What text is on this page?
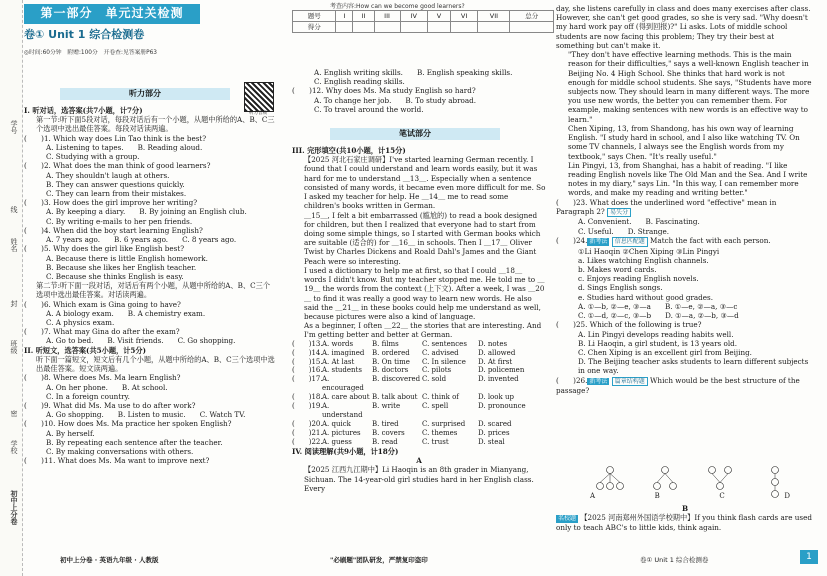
学号
线
姓名
封
班级
密
学校
初中上分卷
第一部分　单元过关检测
卷① Unit 1 综合检测卷
◎时间:60分钟　附赠:100分　开卷查:见答案册P63
听力音频
考查内容:How can we become good learners?
题号	I	II	III	IV	V	VI	VII	总分
得分								
听力部分

I. 听对话，选答案(共7小题，计7分)

第一节:听下面5段对话，每段对话后有一个小题，从题中所给的A、B、C三个选项中选出最佳答案。每段对话读两遍。

(　　)1. Which way does Lin Tao think is the best?

A. Listening to tapes. B. Reading aloud.

C. Studying with a group.

(　　)2. What does the man think of good learners?

A. They shouldn't laugh at others.

B. They can answer questions quickly.

C. They can learn from their mistakes.

(　　)3. How does the girl improve her writing?

A. By keeping a diary. B. By joining an English club.

C. By writing e-mails to her pen friends.

(　　)4. When did the boy start learning English?

A. 7 years ago. B. 6 years ago. C. 8 years ago.

(　　)5. Why does the girl like English best?

A. Because there is little English homework.

B. Because she likes her English teacher.

C. Because she thinks English is easy.

第二节:听下面一段对话，对话后有两个小题，从题中所给的A、B、C三个选项中选出最佳答案。对话读两遍。

(　　)6. Which exam is Gina going to have?

A. A biology exam. B. A chemistry exam.

C. A physics exam.

(　　)7. What may Gina do after the exam?

A. Go to bed. B. Visit friends. C. Go shopping.

II. 听短文，选答案(共5小题，计5分)

听下面一篇短文，短文后有几个小题，从题中所给的A、B、C三个选项中选出最佳答案。短文读两遍。

(　　)8. Where does Ms. Ma learn English?

A. On her phone. B. At school.

C. In a foreign country.

(　　)9. What did Ms. Ma use to do after work?

A. Go shopping. B. Listen to music. C. Watch TV.

(　　)10. How does Ms. Ma practice her spoken English?

A. By herself.

B. By repeating each sentence after the teacher.

C. By making conversations with others.

(　　)11. What does Ms. Ma want to improve next?

A. English writing skills. B. English speaking skills.

C. English reading skills.

(　　)12. Why does Ms. Ma study English so hard?

A. To change her job. B. To study abroad.

C. To travel around the world.

笔试部分

III. 完形填空(共10小题，计15分)

【2025 河北石家庄调研】I've started learning German recently. I found that I could understand and learn words easily, but it was hard for me to understand ＿13＿. Especially when a sentence consisted of many words, it became even more difficult for me. So I asked my teacher for help. He ＿14＿ me to read some children's books written in German.

＿15＿, I felt a bit embarrassed (尴尬的) to read a book designed for children, but then I realized that everyone had to start from doing some simple things, so I started with German books which are suitable (适合的) for ＿16＿ in schools. Then I ＿17＿ Oliver Twist by Charles Dickens and Roald Dahl's James and the Giant Peach were so interesting.

I used a dictionary to help me at first, so that I could ＿18＿ words I didn't know. But my teacher stopped me. He told me to ＿19＿ the words from the context (上下文). After a week, I was ＿20＿ to find it was really a good way to learn new words. He also said the ＿21＿ in these books could help me understand as well, because pictures were also a kind of language.

As a beginner, I often ＿22＿ the stories that are interesting. And I'm getting better and better at German.

(　　)13. A. words	B. films	C. sentences	D. notes
(　　)14. A. imagined	B. ordered	C. advised	D. allowed
(　　)15. A. At last	B. On time	C. In silence	D. At first
(　　)16. A. students	B. doctors	C. pilots	D. policemen
(　　)17. A. encouraged
B. discovered C. sold	D. invented
(　　)18. A. care about B. talk about C. think of	D. look up
(　　)19. A. understand
B. write	C. spell	D. pronounce
(　　)20. A. quick	B. tired	C. surprised	D. scared
(　　)21. A. pictures	B. covers	C. themes	D. prices
(　　)22. A. guess	B. read	C. trust	D. steal

IV. 阅读理解(共9小题，计18分)

A

【2025 江西九江期中】Li Haoqin is an 8th grader in Mianyang, Sichuan. The 14-year-old girl studies hard in her English class. Every

day, she listens carefully in class and does many exercises after class. However, she can't get good grades, so she is very sad. "Why doesn't my hard work pay off (得到回报)?" Li asks. Lots of middle school students are now facing this problem; They try their best at something but can't make it.

"They don't have effective learning methods. This is the main reason for their difficulties," says a well-known English teacher in Beijing No. 4 High School. She thinks that hard work is not enough for middle school students. She says, "Students have more subjects now. They should learn in many different ways. The more you use new words, the better you can remember them. For example, making sentences with new words is an effective way to learn."

Chen Xiping, 13, from Shandong, has his own way of learning English. "I study hard in school, and I also like watching TV. On some TV channels, I always see the English words from my textbook," says Chen. "It's really useful."

Lin Pingyi, 13, from Shanghai, has a habit of reading. "I like reading English novels like The Old Man and the Sea. And I write notes in my diary," says Lin. "In this way, I can remember more words, and make my reading and writing better."

(　　)23. What does the underlined word "effective" mean in Paragraph 2? 易失分

A. Convenient. B. Fascinating.
C. Useful. D. Strange.

(　　)24. 新考法 信息匹配题 Match the fact with each person.

①Li Haoqin ②Chen Xiping ③Lin Pingyi

a. Likes watching English channels.

b. Makes word cards.

c. Enjoys reading English novels.

d. Sings English songs.

e. Studies hard without good grades.

A. ①—b, ②—e, ③—a B. ①—e, ②—a, ③—c
C. ①—d, ②—c, ③—b D. ①—a, ②—b, ③—d

(　　)25. Which of the following is true?

A. Lin Pingyi develops reading habits well.

B. Li Haoqin, a girl student, is 13 years old.

C. Chen Xiping is an excellent girl from Beijing.

D. The Beijing teacher asks students to learn different subjects in one way.

(　　)26. 新考法 篇章结构题 Which would be the best structure of the passage?

A	B	C	D

B

名校题 【2025 河南郑州外国语学校期中】If you think flash cards are used only to teach ABC's to little kids, think again.

初中上分卷 · 英语九年级 · 人教版	"必刷题"团队研发，严禁复印盗印	卷① Unit 1 综合检测卷	1
